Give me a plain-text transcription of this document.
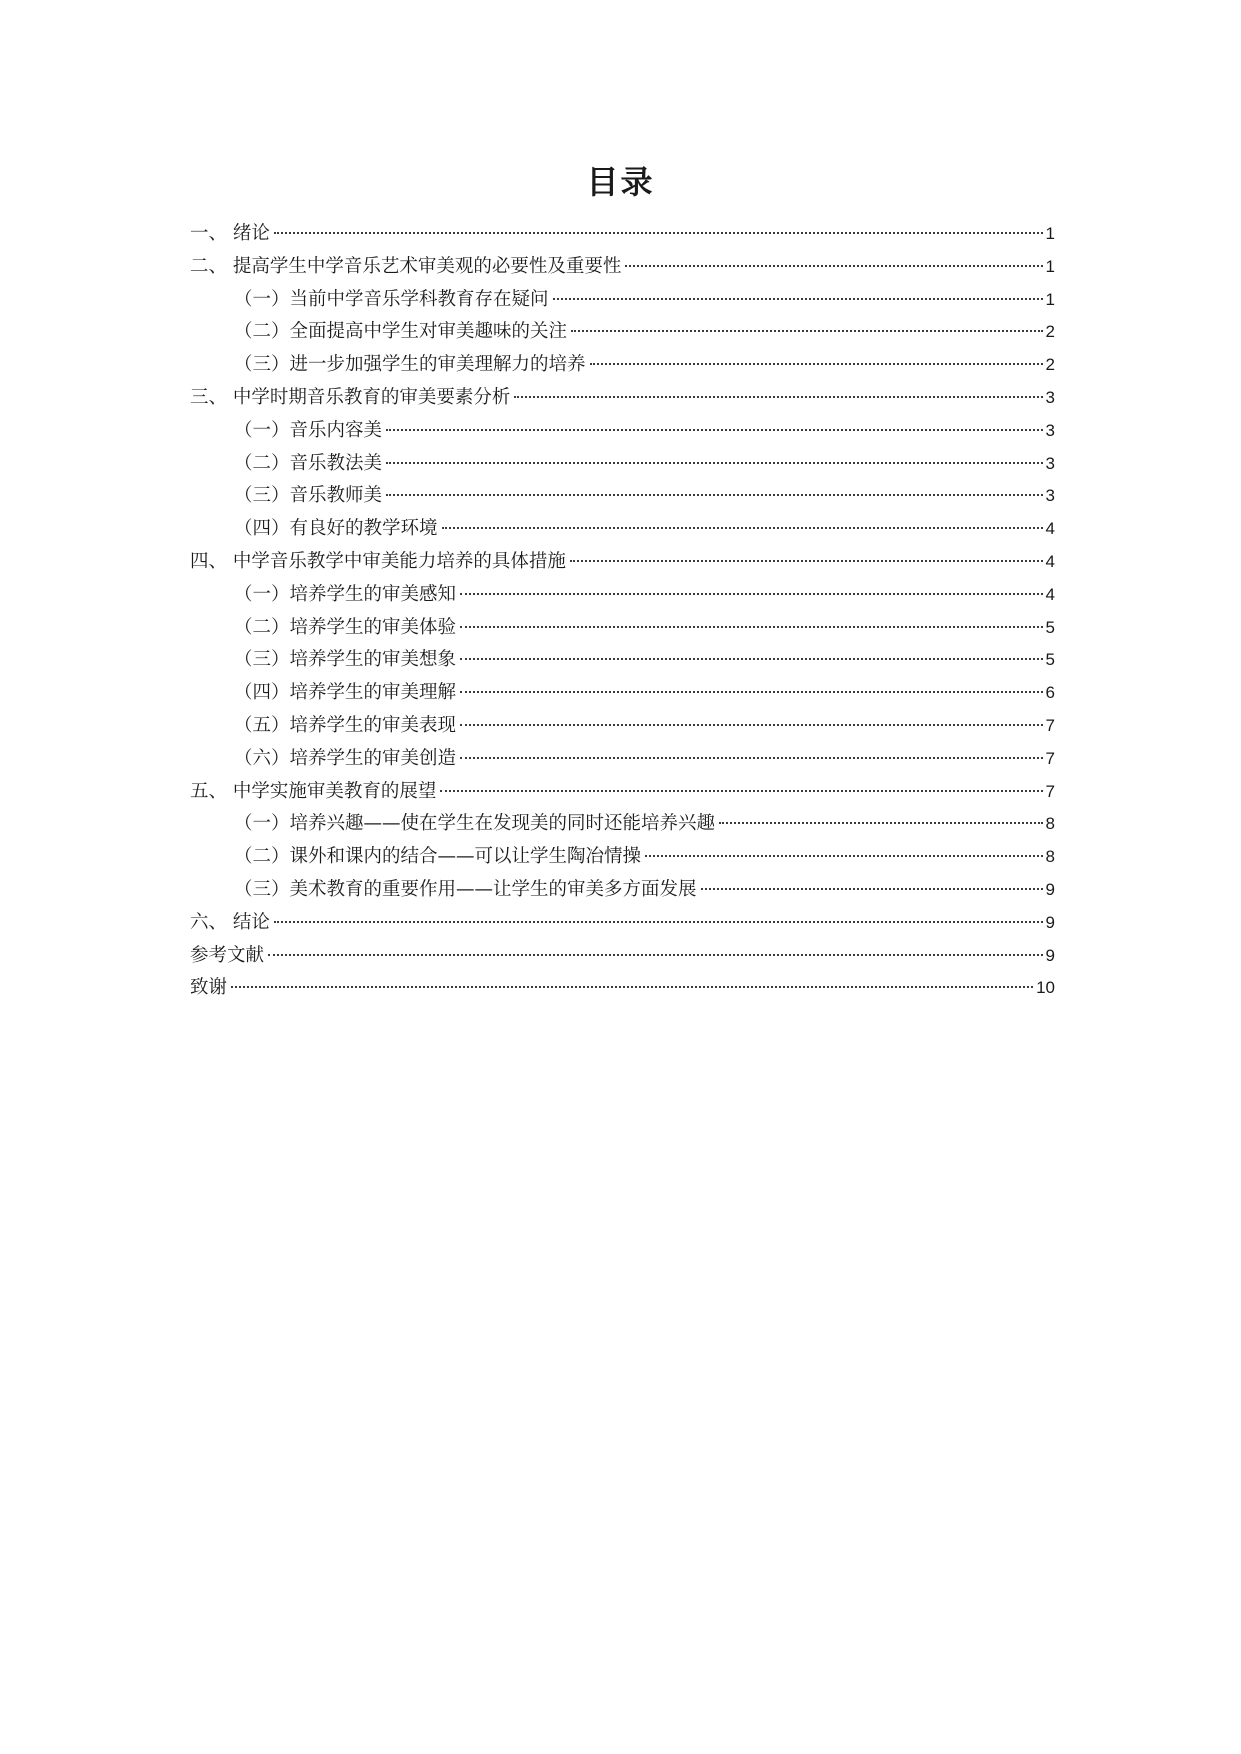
目录
一、 绪论	1
二、 提高学生中学音乐艺术审美观的必要性及重要性	1
（一）当前中学音乐学科教育存在疑问	1
（二）全面提高中学生对审美趣味的关注	2
（三）进一步加强学生的审美理解力的培养	2
三、 中学时期音乐教育的审美要素分析	3
（一）音乐内容美	3
（二）音乐教法美	3
（三）音乐教师美	3
（四）有良好的教学环境	4
四、 中学音乐教学中审美能力培养的具体措施	4
（一）培养学生的审美感知	4
（二）培养学生的审美体验	5
（三）培养学生的审美想象	5
（四）培养学生的审美理解	6
（五）培养学生的审美表现	7
（六）培养学生的审美创造	7
五、 中学实施审美教育的展望	7
（一）培养兴趣——使在学生在发现美的同时还能培养兴趣	8
（二）课外和课内的结合——可以让学生陶冶情操	8
（三）美术教育的重要作用——让学生的审美多方面发展	9
六、 结论	9
参考文献	9
致谢	10
